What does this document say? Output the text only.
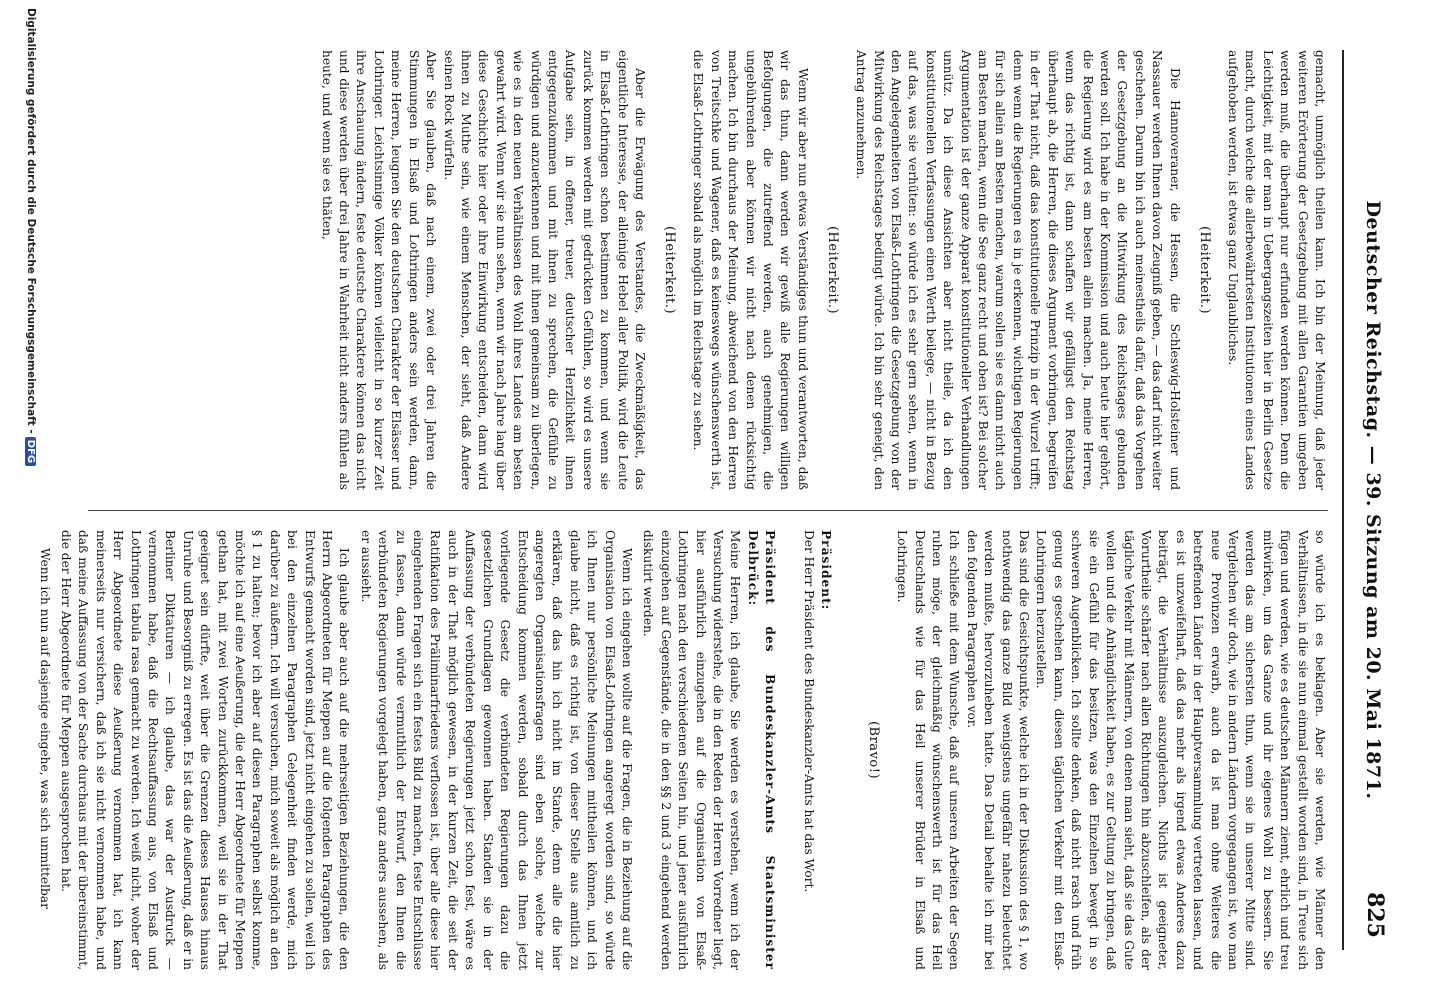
Deutscher Reichstag. — 39. Sitzung am 20. Mai 1871.
825

gemacht, unmöglich theilen kann. Ich bin der Meinung, daß jeder weiteren Erörterung der Gesetzgebung mit allen Garantien umgeben werden muß, die überhaupt nur erfunden werden können. Denn die Leichtigkeit, mit der man in Uebergangszeiten hier in Berlin Gesetze macht, durch welche die allerbewährtesten Institutionen eines Landes aufgehoben werden, ist etwas ganz Unglaubliches.

(Heiterkeit.)

Die Hannoveraner, die Hessen, die Schleswig-Holsteiner und Nassauer werden Ihnen davon Zeugniß geben, — das darf nicht weiter geschehen. Darum bin ich auch meinestheils dafür, daß das Vorgehen der Gesetzgebung an die Mitwirkung des Reichstages gebunden werden soll. Ich habe in der Kommission und auch heute hier gehört, die Regierung wird es am besten allein machen. Ja, meine Herren, wenn das richtig ist, dann schaffen wir gefälligst den Reichstag überhaupt ab, die Herren, die dieses Argument vorbringen, begreifen in der That nicht, daß das konstitutionelle Prinzip in der Wurzel trifft; denn wenn die Regierungen es in je erkennen, wichtigen Regierungen für sich allein am Besten machen, warum sollen sie es dann nicht auch am Besten machen, wenn die See ganz recht und oben ist? Bei solcher Argumentation ist der ganze Apparat konstitutioneller Verhandlungen unnütz. Da ich diese Ansichten aber nicht theile, da ich den konstitutionellen Verfassungen einen Werth beilege, — nicht in Bezug auf das, was sie verhüten: so würde ich es sehr gern sehen, wenn in den Angelegenheiten von Elsaß-Lothringen die Gesetzgebung von der Mitwirkung des Reichstages bedingt würde. Ich bin sehr geneigt, den Antrag anzunehmen.

(Heiterkeit.)

Wenn wir aber nun etwas Verständiges thun und verantworten, daß wir das thun, dann werden wir gewiß alle Regierungen willigen Befolgungen, die zutreffend werden, auch genehmigen, die ungebührenden aber können wir nicht nach denen rücksichtig machen. Ich bin durchaus der Meinung, abweichend von den Herren von Treitschke und Wagener, daß es keineswegs wünschenswerth ist, die Elsaß-Lothringer sobald als möglich im Reichstage zu sehen.

(Heiterkeit.)

Aber die Erwägung des Verstandes, die Zweckmäßigkeit, das eigentliche Interesse, der alleinige Hebel aller Politik, wird die Leute in Elsaß-Lothringen schon bestimmen zu kommen, und wenn sie zurück kommen werden mit gedrückten Gefühlen, so wird es unsere Aufgabe sein, in offener, treuer, deutscher Herzlichkeit ihnen entgegenzukommen und mit ihnen zu sprechen, die Gefühle zu würdigen und anzuerkennen und mit ihnen gemeinsam zu überlegen, wie es in den neuen Verhältnissen des Wohl ihres Landes am besten gewahrt wird. Wenn wir sie nun sehen, wenn wir nach Jahre lang über diese Geschichte hier oder ihre Einwirkung entscheiden, dann wird ihnen zu Muthe sein, wie einem Menschen, der sieht, daß Andere seinen Rock würfeln.
Aber Sie glauben, daß nach einem, zwei oder drei Jahren die Stimmungen in Elsaß und Lothringen anders sein werden, dann, meine Herren, leugnen Sie den deutschen Charakter der Elsässer und Lothringer. Leichtsinnige Völker können vielleicht in so kurzer Zeit ihre Anschauung ändern, feste deutsche Charaktere können das nicht und diese werden über drei Jahre in Wahrheit nicht anders fühlen als heute, und wenn sie es thäten,

so würde ich es beklagen. Aber sie werden, wie Männer den Verhältnissen, in die sie nun einmal gestellt worden sind, in Treue sich fügen und werden, wie es deutschen Männern ziemt, ehrlich und treu mitwirken, um das Ganze und ihr eigenes Wohl zu bessern. Sie werden das am sichersten thun, wenn sie in unserer Mitte sind. Vergleichen wir doch, wie in andern Ländern vorgegangen ist, wo man neue Provinzen erwarb, auch da ist man ohne Weiteres die betreffenden Länder in der Hauptversammlung vertreten lassen, und es ist unzweifelhaft, daß das mehr als irgend etwas Anderes dazu beiträgt, die Verhältnisse auszugleichen. Nichts ist geeigneter, Vorurtheile schärfer nach allen Richtungen hin abzuschleifen, als der tägliche Verkehr mit Männern, von denen man sieht, daß sie das Gute wollen und die Anhänglichkeit haben, es zur Geltung zu bringen, daß sie ein Gefühl für das besitzen, was den Einzelnen bewegt in so schweren Augenblicken. Ich sollte denken, daß nicht rasch und früh genug es geschehen kann, diesen täglichen Verkehr mit den Elsaß-Lothringern herzustellen.
Das sind die Gesichtspunkte, welche ich in der Diskussion des § 1, wo nothwendig das ganze Bild wenigstens ungefähr nahezu beleuchtet werden mußte, hervorzuheben hatte. Das Detail behalte ich mir bei den folgenden Paragraphen vor.
Ich schließe mit dem Wunsche, daß auf unseren Arbeiten der Segen ruhen möge, der gleichmäßig wünschenswerth ist für das Heil Deutschlands wie für das Heil unserer Brüder in Elsaß und Lothringen.

(Bravo!)

Präsident:
Der Herr Präsident des Bundeskanzler-Amts hat das Wort.

Präsident des Bundeskanzler-Amts Staatsminister Delbrück:
Meine Herren, ich glaube, Sie werden es verstehen, wenn ich der Versuchung widerstehe, die in den Reden der Herren Vorredner liegt, hier ausführlich einzugehen auf die Organisation von Elsaß-Lothringen nach den verschiedenen Seiten hin, und jener ausführlich einzugehen auf Gegenstände, die in den §§ 2 und 3 eingehend werden diskutirt werden.

Wenn ich eingehen wollte auf die Fragen, die in Beziehung auf die Organisation von Elsaß-Lothringen angeregt worden sind, so würde ich Ihnen nur persönliche Meinungen mittheilen können, und ich glaube nicht, daß es richtig ist, von dieser Stelle aus amtlich zu erklären, daß das hin ich nicht im Stande, denn alle die hier angeregten Organisationsfragen sind eben solche, welche zur Entscheidung kommen werden, sobald durch das Ihnen jetzt vorliegende Gesetz die verbündeten Regierungen dazu die gesetzlichen Grundlagen gewonnen haben. Standen sie in der Auffassung der verbündeten Regierungen jetzt schon fest, wäre es auch in der That möglich gewesen, in der kurzen Zeit, die seit der Ratifikation des Präliminarfriedens verflossen ist, über alle diese hier eingehenden Fragen sich ein festes Bild zu machen, feste Entschlüsse zu fassen, dann würde vermuthlich der Entwurf, den Ihnen die verbündeten Regierungen vorgelegt haben, ganz anders aussehen, als er aussieht.

Ich glaube aber auch auf die mehrseitigen Beziehungen, die den Herrn Abgeordneten für Meppen auf die folgenden Paragraphen des Entwurfs gemacht worden sind, jetzt nicht eingehen zu sollen, weil ich bei den einzelnen Paragraphen Gelegenheit finden werde, mich darüber zu äußern. Ich will versuchen, mich soweit als möglich an den § 1 zu halten; bevor ich aber auf diesen Paragraphen selbst komme, möchte ich auf eine Aeußerung, die der Herr Abgeordnete für Meppen gethan hat, mit zwei Worten zurückkommen, weil sie in der That geeignet sein dürfte, weit über die Grenzen dieses Hauses hinaus Unruhe und Besorgniß zu erregen. Es ist das die Aeußerung, daß er in Berliner Diktaturen — ich glaube, das war der Ausdruck — vernommen habe, daß die Rechtsauffassung aus, von Elsaß und Lothringen tabula rasa gemacht zu werden. Ich weiß nicht, woher der Herr Abgeordnete diese Aeußerung vernommen hat, ich kann meinerseits nur versichern, daß ich sie nicht vernommen habe, und daß meine Auffassung von der Sache durchaus mit der übereinstimmt, die der Herr Abgeordnete für Meppen ausgesprochen hat.

Wenn ich nun auf dasjenige eingehe, was sich unmittelbar

Digitalisierung gefördert durch die Deutsche Forschungsgemeinschaft -DFG
